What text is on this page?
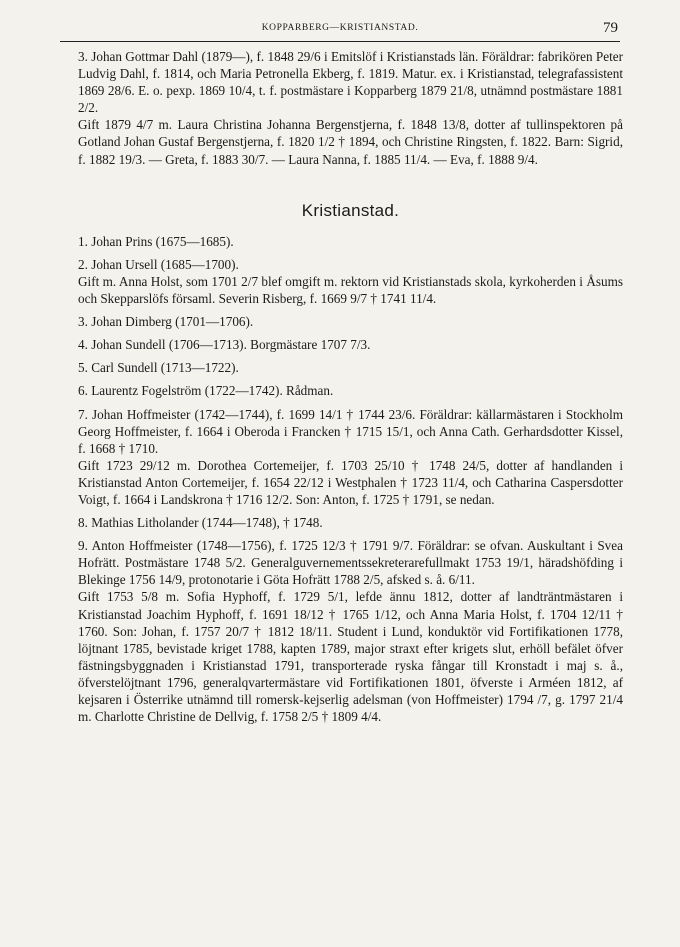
KOPPARBERG—KRISTIANSTAD.	79

3. Johan Gottmar Dahl (1879—), f. 1848 29/6 i Emitslöf i Kristianstads län. Föräldrar: fabrikören Peter Ludvig Dahl, f. 1814, och Maria Petronella Ekberg, f. 1819. Matur. ex. i Kristianstad, telegrafassistent 1869 28/6. E. o. pexp. 1869 10/4, t. f. postmästare i Kopparberg 1879 21/8, utnämnd postmästare 1881 2/2.

Gift 1879 4/7 m. Laura Christina Johanna Bergenstjerna, f. 1848 13/8, dotter af tullinspektoren på Gotland Johan Gustaf Bergenstjerna, f. 1820 1/2 † 1894, och Christine Ringsten, f. 1822. Barn: Sigrid, f. 1882 19/3. — Greta, f. 1883 30/7. — Laura Nanna, f. 1885 11/4. — Eva, f. 1888 9/4.

Kristianstad.

1. Johan Prins (1675—1685).

2. Johan Ursell (1685—1700).

Gift m. Anna Holst, som 1701 2/7 blef omgift m. rektorn vid Kristianstads skola, kyrkoherden i Åsums och Skepparslöfs församl. Severin Risberg, f. 1669 9/7 † 1741 11/4.

3. Johan Dimberg (1701—1706).

4. Johan Sundell (1706—1713). Borgmästare 1707 7/3.

5. Carl Sundell (1713—1722).

6. Laurentz Fogelström (1722—1742). Rådman.

7. Johan Hoffmeister (1742—1744), f. 1699 14/1 † 1744 23/6. Föräldrar: källarmästaren i Stockholm Georg Hoffmeister, f. 1664 i Oberoda i Francken † 1715 15/1, och Anna Cath. Gerhardsdotter Kissel, f. 1668 † 1710.

Gift 1723 29/12 m. Dorothea Cortemeijer, f. 1703 25/10 † 1748 24/5, dotter af handlanden i Kristianstad Anton Cortemeijer, f. 1654 22/12 i Westphalen † 1723 11/4, och Catharina Caspersdotter Voigt, f. 1664 i Landskrona † 1716 12/2. Son: Anton, f. 1725 † 1791, se nedan.

8. Mathias Litholander (1744—1748), † 1748.

9. Anton Hoffmeister (1748—1756), f. 1725 12/3 † 1791 9/7. Föräldrar: se ofvan. Auskultant i Svea Hofrätt. Postmästare 1748 5/2. Generalguvernementssekreterarefullmakt 1753 19/1, häradshöfding i Blekinge 1756 14/9, protonotarie i Göta Hofrätt 1788 2/5, afsked s. å. 6/11.

Gift 1753 5/8 m. Sofia Hyphoff, f. 1729 5/1, lefde ännu 1812, dotter af landträntmästaren i Kristianstad Joachim Hyphoff, f. 1691 18/12 † 1765 1/12, och Anna Maria Holst, f. 1704 12/11 † 1760. Son: Johan, f. 1757 20/7 † 1812 18/11. Student i Lund, konduktör vid Fortifikationen 1778, löjtnant 1785, bevistade kriget 1788, kapten 1789, major straxt efter krigets slut, erhöll befälet öfver fästningsbyggnaden i Kristianstad 1791, transporterade ryska fångar till Kronstadt i maj s. å., öfverstelöjtnant 1796, generalqvartermästare vid Fortifikationen 1801, öfverste i Arméen 1812, af kejsaren i Österrike utnämnd till romersk-kejserlig adelsman (von Hoffmeister) 1794 /7, g. 1797 21/4 m. Charlotte Christine de Dellvig, f. 1758 2/5 † 1809 4/4.
